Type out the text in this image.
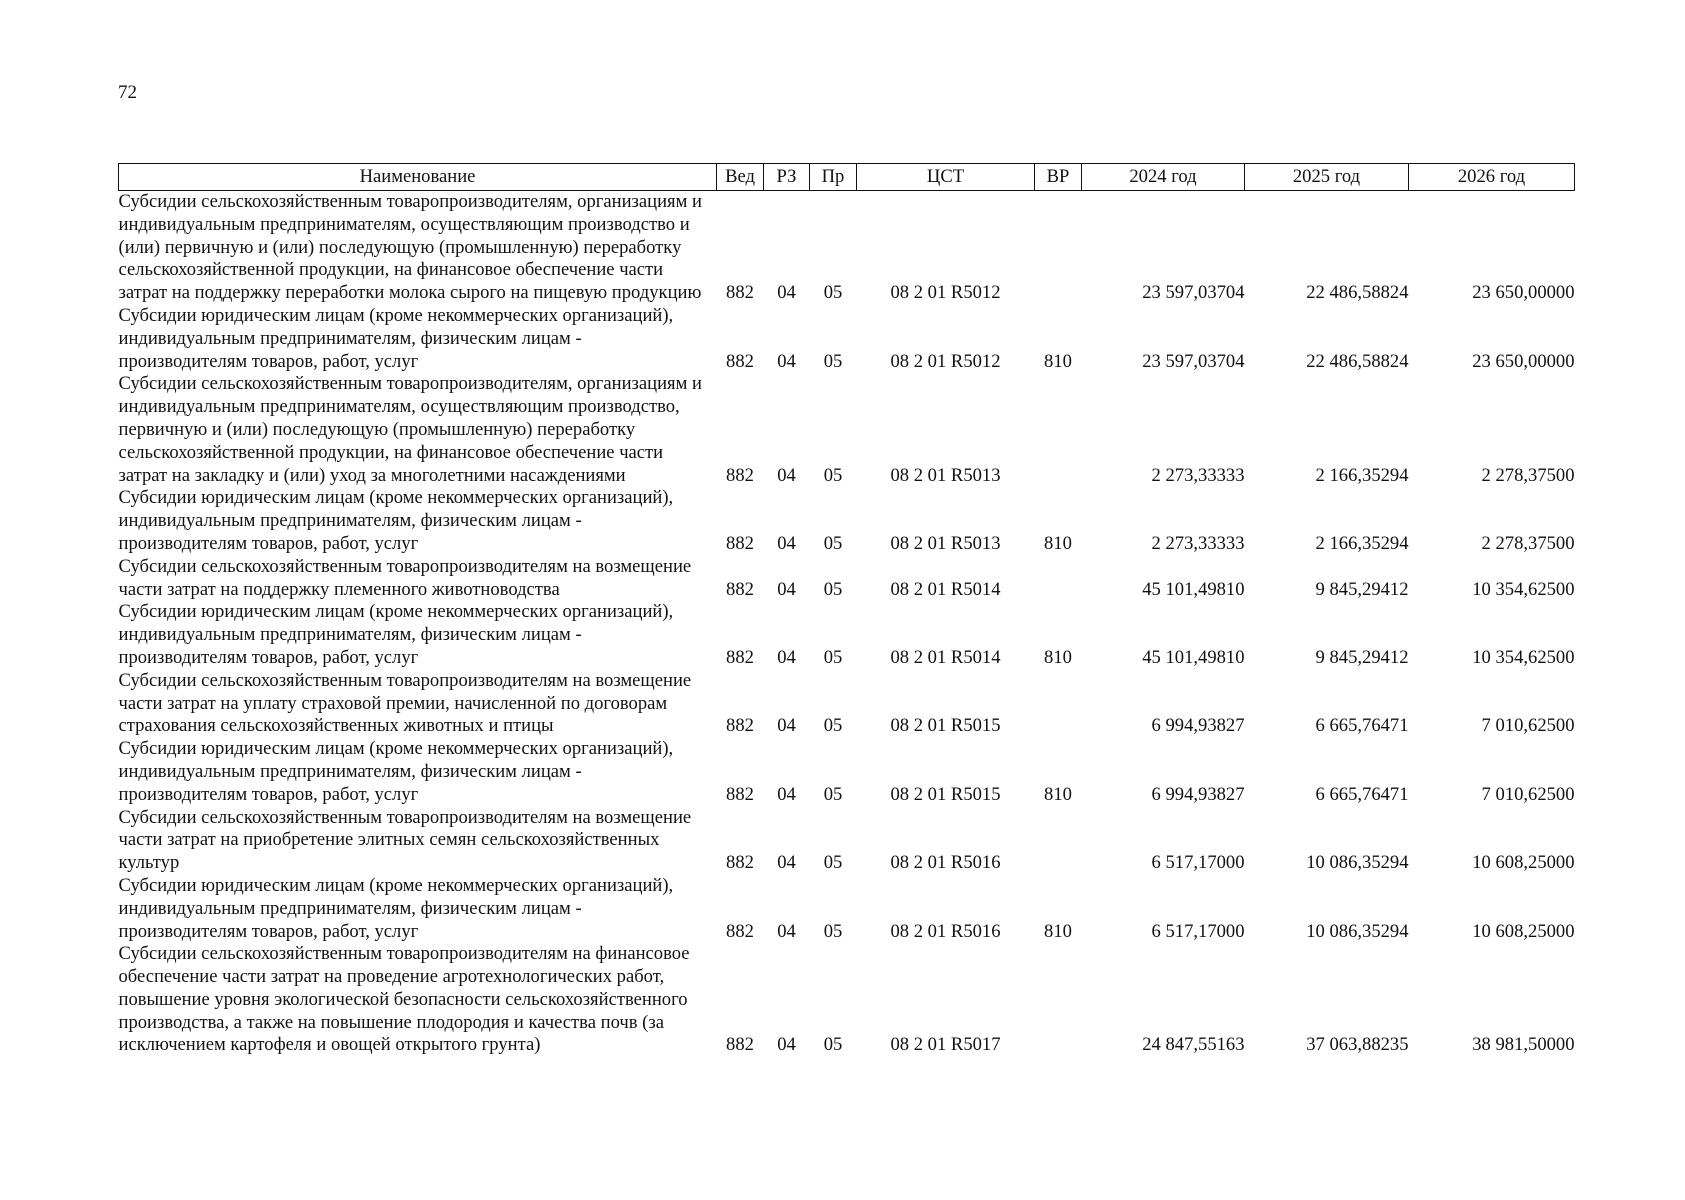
72
Наименование	Вед	РЗ	Пр	ЦСТ	ВР	2024 год	2025 год	2026 год
Субсидии сельскохозяйственным товаропроизводителям, организациям и индивидуальным предпринимателям, осуществляющим производство и (или) первичную и (или) последующую (промышленную) переработку сельскохозяйственной продукции, на финансовое обеспечение части затрат на поддержку переработки молока сырого на пищевую продукцию	882	04	05	08 2 01 R5012		23 597,03704	22 486,58824	23 650,00000
Субсидии юридическим лицам (кроме некоммерческих организаций), индивидуальным предпринимателям, физическим лицам - производителям товаров, работ, услуг	882	04	05	08 2 01 R5012	810	23 597,03704	22 486,58824	23 650,00000
Субсидии сельскохозяйственным товаропроизводителям, организациям и индивидуальным предпринимателям, осуществляющим производство, первичную и (или) последующую (промышленную) переработку сельскохозяйственной продукции, на финансовое обеспечение части затрат на закладку и (или) уход за многолетними насаждениями	882	04	05	08 2 01 R5013		2 273,33333	2 166,35294	2 278,37500
Субсидии юридическим лицам (кроме некоммерческих организаций), индивидуальным предпринимателям, физическим лицам - производителям товаров, работ, услуг	882	04	05	08 2 01 R5013	810	2 273,33333	2 166,35294	2 278,37500
Субсидии сельскохозяйственным товаропроизводителям на возмещение части затрат на поддержку племенного животноводства	882	04	05	08 2 01 R5014		45 101,49810	9 845,29412	10 354,62500
Субсидии юридическим лицам (кроме некоммерческих организаций), индивидуальным предпринимателям, физическим лицам - производителям товаров, работ, услуг	882	04	05	08 2 01 R5014	810	45 101,49810	9 845,29412	10 354,62500
Субсидии сельскохозяйственным товаропроизводителям на возмещение части затрат на уплату страховой премии, начисленной по договорам страхования сельскохозяйственных животных и птицы	882	04	05	08 2 01 R5015		6 994,93827	6 665,76471	7 010,62500
Субсидии юридическим лицам (кроме некоммерческих организаций), индивидуальным предпринимателям, физическим лицам - производителям товаров, работ, услуг	882	04	05	08 2 01 R5015	810	6 994,93827	6 665,76471	7 010,62500
Субсидии сельскохозяйственным товаропроизводителям на возмещение части затрат на приобретение элитных семян сельскохозяйственных культур	882	04	05	08 2 01 R5016		6 517,17000	10 086,35294	10 608,25000
Субсидии юридическим лицам (кроме некоммерческих организаций), индивидуальным предпринимателям, физическим лицам - производителям товаров, работ, услуг	882	04	05	08 2 01 R5016	810	6 517,17000	10 086,35294	10 608,25000
Субсидии сельскохозяйственным товаропроизводителям на финансовое обеспечение части затрат на проведение агротехнологических работ, повышение уровня экологической безопасности сельскохозяйственного производства, а также на повышение плодородия и качества почв (за исключением картофеля и овощей открытого грунта)	882	04	05	08 2 01 R5017		24 847,55163	37 063,88235	38 981,50000
